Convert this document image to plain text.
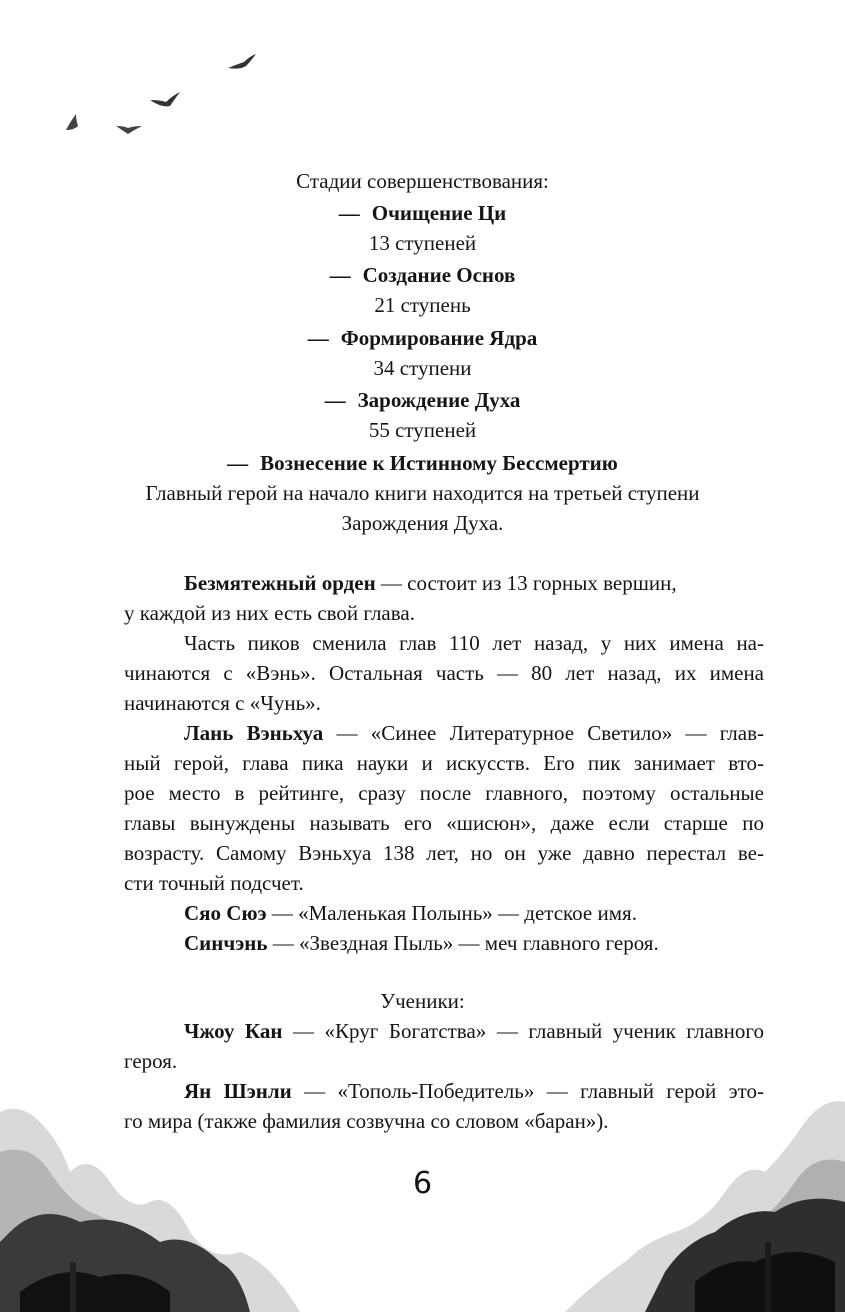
Стадии совершенствования:
— Очищение Ци
13 ступеней
— Создание Основ
21 ступень
— Формирование Ядра
34 ступени
— Зарождение Духа
55 ступеней
— Вознесение к Истинному Бессмертию
Главный герой на начало книги находится на третьей ступени
Зарождения Духа.
Безмятежный орден — состоит из 13 горных вершин,
у каждой из них есть свой глава.
Часть пиков сменила глав 110 лет назад, у них имена на-
чинаются с «Вэнь». Остальная часть — 80 лет назад, их имена
начинаются с «Чунь».
Лань Вэньхуа — «Синее Литературное Светило» — глав-
ный герой, глава пика науки и искусств. Его пик занимает вто-
рое место в рейтинге, сразу после главного, поэтому остальные
главы вынуждены называть его «шисюн», даже если старше по
возрасту. Самому Вэньхуа 138 лет, но он уже давно перестал ве-
сти точный подсчет.
Сяо Сюэ — «Маленькая Полынь» — детское имя.
Синчэнь — «Звездная Пыль» — меч главного героя.
Ученики:
Чжоу Кан — «Круг Богатства» — главный ученик главного
героя.
Ян Шэнли — «Тополь-Победитель» — главный герой это-
го мира (также фамилия созвучна со словом «баран»).
6
